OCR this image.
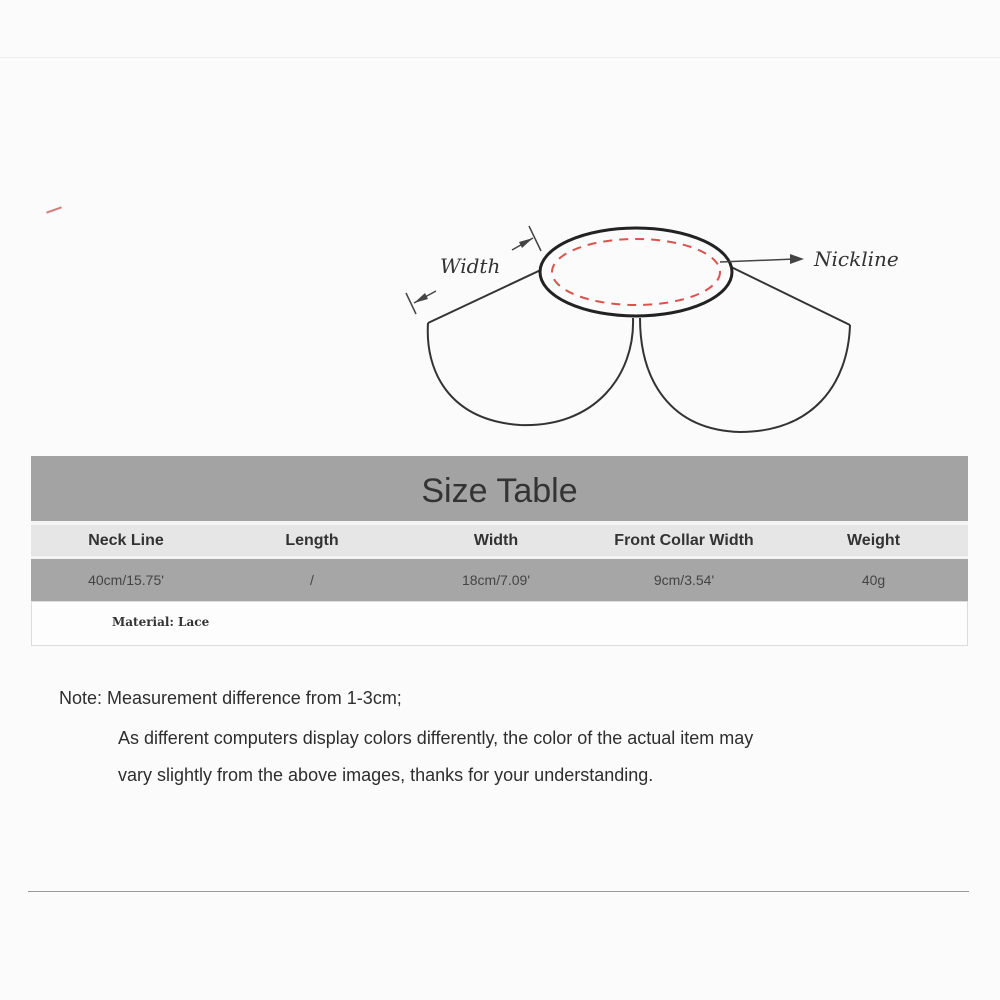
Width	Nickline
Size Table
Neck Line	Length	Width	Front Collar Width	Weight
40cm/15.75'	/	18cm/7.09'	9cm/3.54'	40g
Material: Lace
Note: Measurement difference from 1-3cm;
As different computers display colors differently, the color of the actual item may
vary slightly from the above images, thanks for your understanding.
